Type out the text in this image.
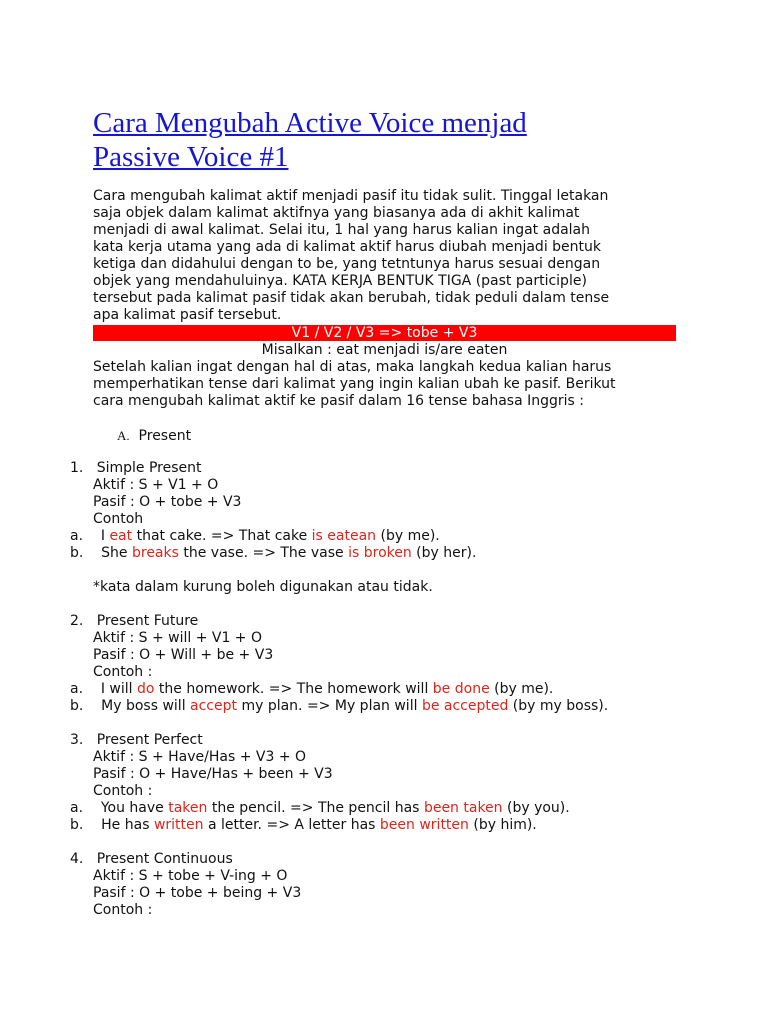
Cara Mengubah Active Voice menjad
Passive Voice #1
Cara mengubah kalimat aktif menjadi pasif itu tidak sulit. Tinggal letakan
saja objek dalam kalimat aktifnya yang biasanya ada di akhit kalimat
menjadi di awal kalimat. Selai itu, 1 hal yang harus kalian ingat adalah
kata kerja utama yang ada di kalimat aktif harus diubah menjadi bentuk
ketiga dan didahului dengan to be, yang tetntunya harus sesuai dengan
objek yang mendahuluinya. KATA KERJA BENTUK TIGA (past participle)
tersebut pada kalimat pasif tidak akan berubah, tidak peduli dalam tense
apa kalimat pasif tersebut.
V1 / V2 / V3 => tobe + V3
Misalkan : eat menjadi is/are eaten
Setelah kalian ingat dengan hal di atas, maka langkah kedua kalian harus
memperhatikan tense dari kalimat yang ingin kalian ubah ke pasif. Berikut
cara mengubah kalimat aktif ke pasif dalam 16 tense bahasa Inggris :
A. Present
1. Simple Present
Aktif : S + V1 + O
Pasif : O + tobe + V3
Contoh
a. I eat that cake. => That cake is eatean (by me).
b. She breaks the vase. => The vase is broken (by her).
*kata dalam kurung boleh digunakan atau tidak.
2. Present Future
Aktif : S + will + V1 + O
Pasif : O + Will + be + V3
Contoh :
a. I will do the homework. => The homework will be done (by me).
b. My boss will accept my plan. => My plan will be accepted (by my boss).
3. Present Perfect
Aktif : S + Have/Has + V3 + O
Pasif : O + Have/Has + been + V3
Contoh :
a.    You have taken the pencil. => The pencil has been taken (by you).
b. He has written a letter. => A letter has been written (by him).
4. Present Continuous
Aktif : S + tobe + V-ing + O
Pasif : O + tobe + being + V3
Contoh :
